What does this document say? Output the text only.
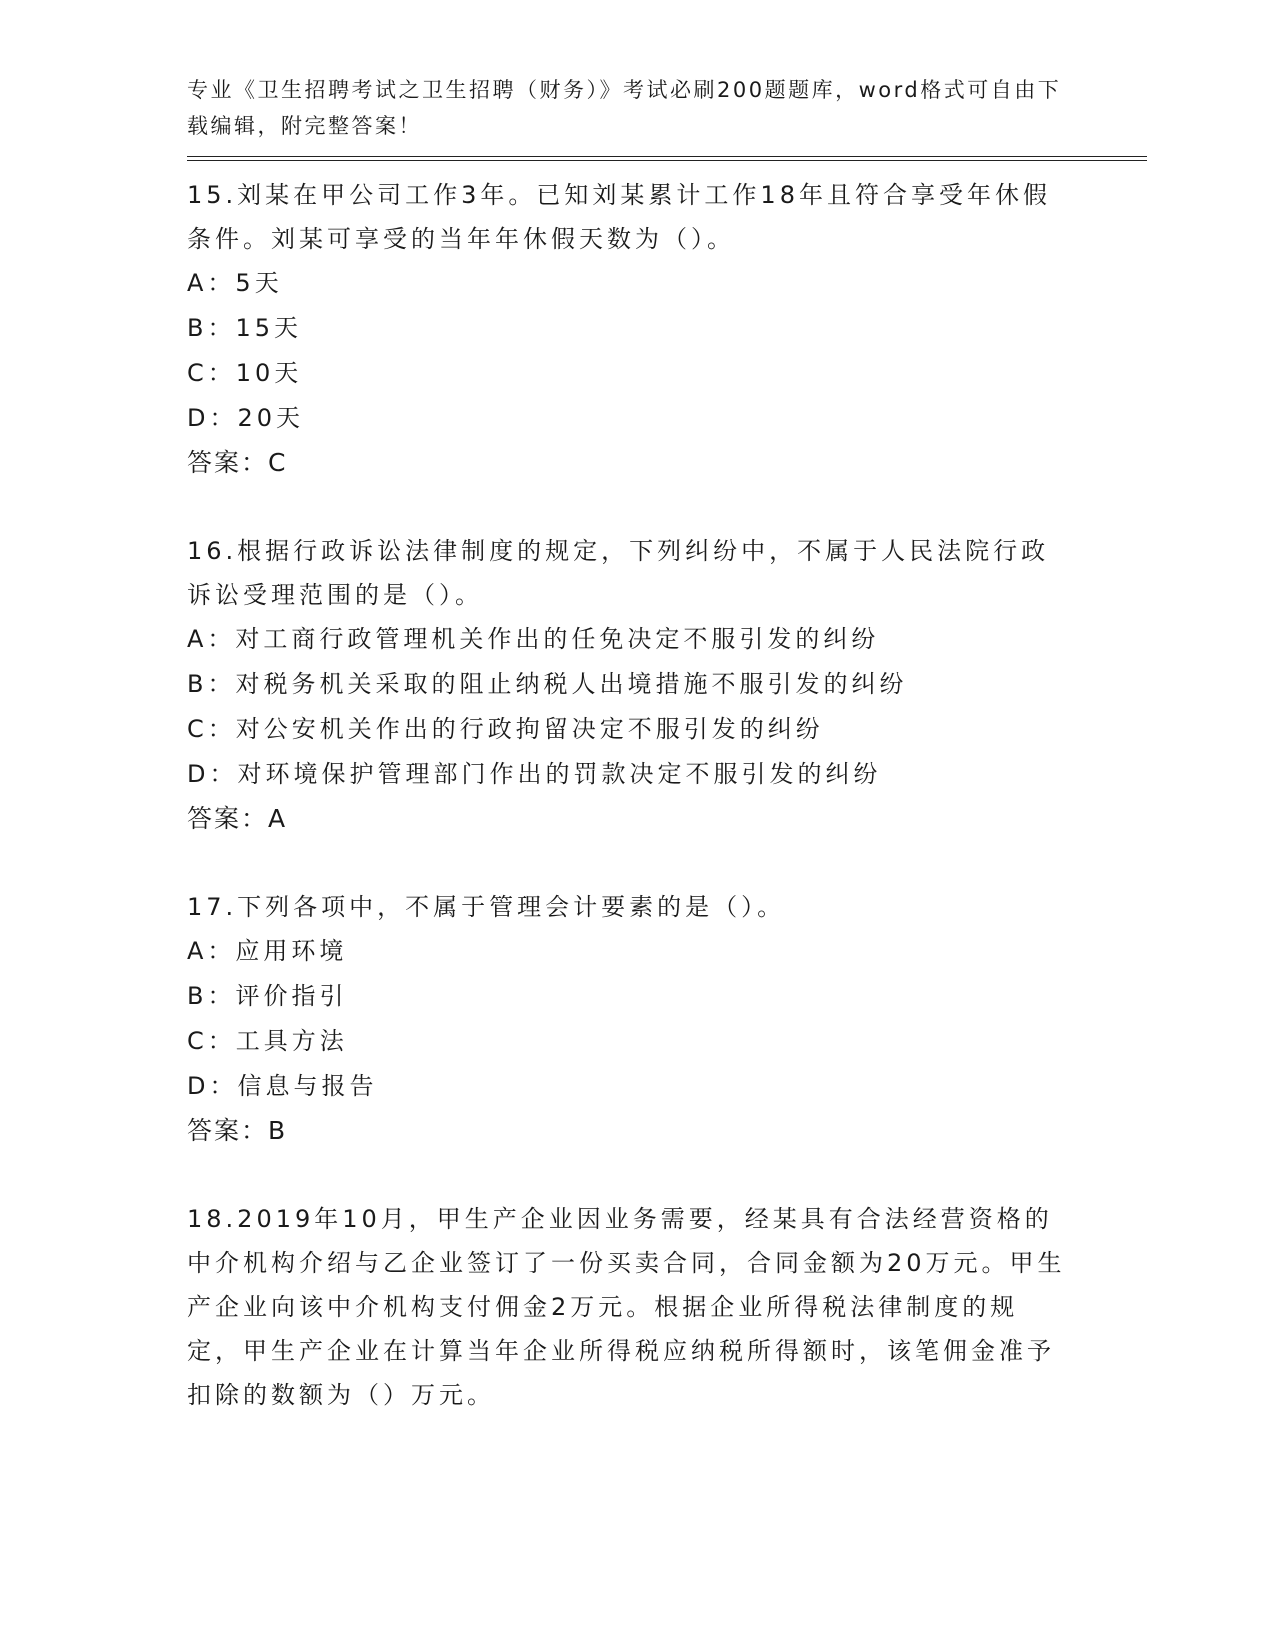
专业《卫生招聘考试之卫生招聘（财务）》考试必刷200题题库，word格式可自由下载编辑，附完整答案！
15.刘某在甲公司工作3年。已知刘某累计工作18年且符合享受年休假条件。刘某可享受的当年年休假天数为（）。
A：5天
B：15天
C：10天
D：20天
答案：C
16.根据行政诉讼法律制度的规定，下列纠纷中，不属于人民法院行政诉讼受理范围的是（）。
A：对工商行政管理机关作出的任免决定不服引发的纠纷
B：对税务机关采取的阻止纳税人出境措施不服引发的纠纷
C：对公安机关作出的行政拘留决定不服引发的纠纷
D：对环境保护管理部门作出的罚款决定不服引发的纠纷
答案：A
17.下列各项中，不属于管理会计要素的是（）。
A：应用环境
B：评价指引
C：工具方法
D：信息与报告
答案：B
18.2019年10月，甲生产企业因业务需要，经某具有合法经营资格的中介机构介绍与乙企业签订了一份买卖合同，合同金额为20万元。甲生产企业向该中介机构支付佣金2万元。根据企业所得税法律制度的规定，甲生产企业在计算当年企业所得税应纳税所得额时，该笔佣金准予扣除的数额为（）万元。
